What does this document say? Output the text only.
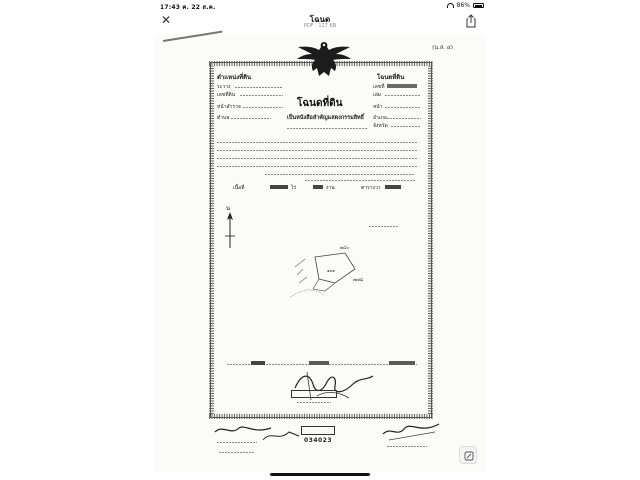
17:43 ค. 22 ส.ค.	86%
✕	โฉนด
PDF · 117 KB
(น.ส. ๔)
ตำแหน่งที่ดิน
ระวาง
เลขที่ดิน
หน้าสำรวจ
ตำบล
โฉนดที่ดิน
เลขที่
เล่ม
หน้า
อำเภอ
จังหวัด
โฉนดที่ดิน
เป็นหนังสือสำคัญแสดงกรรมสิทธิ์
เนื้อที่	ไร่	งาน	ตารางวา
น
๒๔๐
๗๗๘
๑๓๑
034023
